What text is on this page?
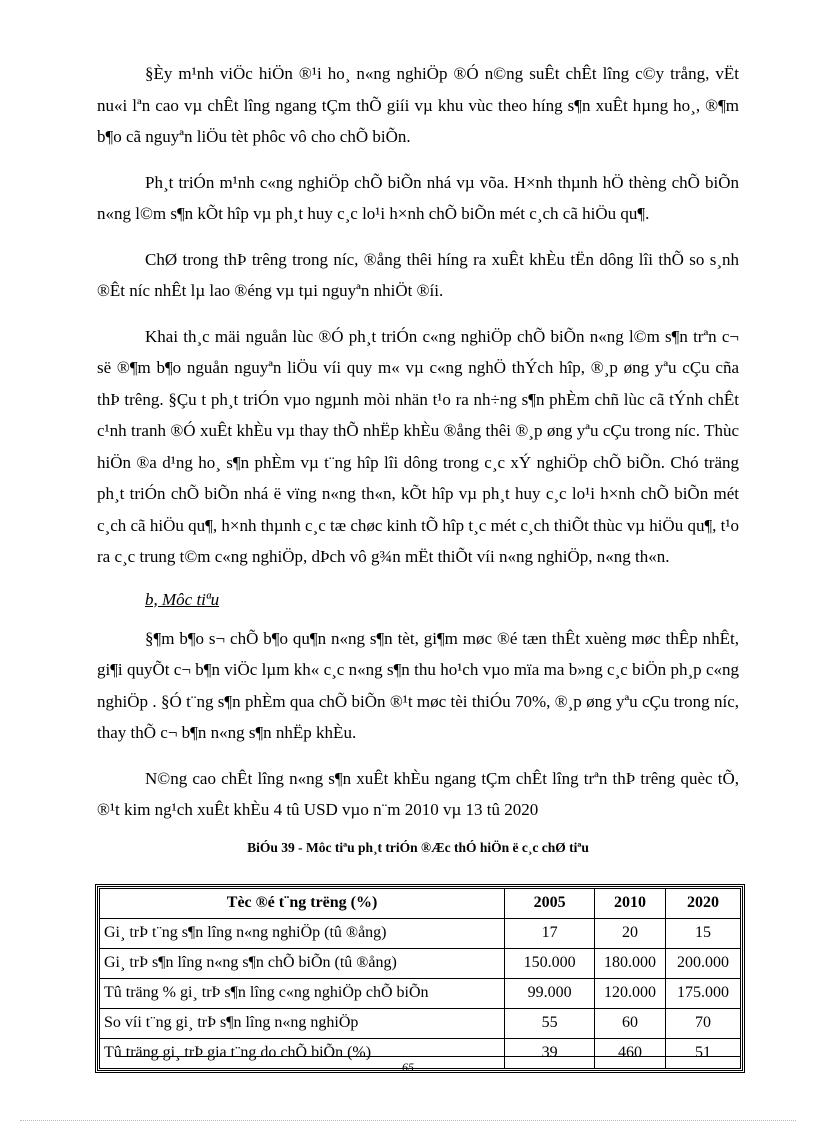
§Èy m¹nh viÖc hiÖn ®¹i ho¸ n«ng nghiÖp ®Ó n©ng suÊt chÊt lîng c©y trång, vËt nu«i lªn cao vµ chÊt lîng ngang tÇm thÕ giíi vµ khu vùc theo híng s¶n xuÊt hµng ho¸, ®¶m b¶o cã nguyªn liÖu tèt phôc vô cho chÕ biÕn.

Ph¸t triÓn m¹nh c«ng nghiÖp chÕ biÕn nhá vµ võa. H×nh thµnh hÖ thèng chÕ biÕn n«ng l©m s¶n kÕt hîp vµ ph¸t huy c¸c lo¹i h×nh chÕ biÕn mét c¸ch cã hiÖu qu¶.

ChØ trong thÞ trêng trong níc, ®ång thêi híng ra xuÊt khÈu tËn dông lîi thÕ so s¸nh ®Êt níc nhÊt lµ lao ®éng vµ tµi nguyªn nhiÖt ®íi.

Khai th¸c mäi nguån lùc ®Ó ph¸t triÓn c«ng nghiÖp chÕ biÕn n«ng l©m s¶n trªn c¬ së ®¶m b¶o nguån nguyªn liÖu víi quy m« vµ c«ng nghÖ thÝch hîp, ®¸p øng yªu cÇu cña thÞ trêng. §Çu t ph¸t triÓn vµo ngµnh mòi nhän t¹o ra nh÷ng s¶n phÈm chñ lùc cã tÝnh chÊt c¹nh tranh ®Ó xuÊt khÈu vµ thay thÕ nhËp khÈu ®ång thêi ®¸p øng yªu cÇu trong níc. Thùc hiÖn ®a d¹ng ho¸ s¶n phÈm vµ t¨ng hîp lîi dông trong c¸c xÝ nghiÖp chÕ biÕn. Chó träng ph¸t triÓn chÕ biÕn nhá ë vïng n«ng th«n, kÕt hîp vµ ph¸t huy c¸c lo¹i h×nh chÕ biÕn mét c¸ch cã hiÖu qu¶, h×nh thµnh c¸c tæ chøc kinh tÕ hîp t¸c mét c¸ch thiÕt thùc vµ hiÖu qu¶, t¹o ra c¸c trung t©m c«ng nghiÖp, dÞch vô g¾n mËt thiÕt víi n«ng nghiÖp, n«ng th«n.

b, Môc tiªu

§¶m b¶o s¬ chÕ b¶o qu¶n n«ng s¶n tèt, gi¶m møc ®é tæn thÊt xuèng møc thÊp nhÊt, gi¶i quyÕt c¬ b¶n viÖc lµm kh« c¸c n«ng s¶n thu ho¹ch vµo mïa ma b»ng c¸c biÖn ph¸p c«ng nghiÖp . §Ó t¨ng s¶n phÈm qua chÕ biÕn ®¹t møc tèi thiÓu 70%, ®¸p øng yªu cÇu trong níc, thay thÕ c¬ b¶n n«ng s¶n nhËp khÈu.

N©ng cao chÊt lîng n«ng s¶n xuÊt khÈu ngang tÇm chÊt lîng trªn thÞ trêng quèc tÕ, ®¹t kim ng¹ch xuÊt khÈu 4 tû USD vµo n¨m 2010 vµ 13 tû 2020

BiÓu 39 - Môc tiªu ph¸t triÓn ®Æc thÓ hiÖn ë c¸c chØ tiªu
Tèc ®é t¨ng trëng (%)	2005	2010	2020
Gi¸ trÞ t¨ng s¶n lîng n«ng nghiÖp (tû ®ång)	17	20	15
Gi¸ trÞ s¶n lîng n«ng s¶n chÕ biÕn (tû ®ång)	150.000	180.000	200.000
Tû träng % gi¸ trÞ s¶n lîng c«ng nghiÖp chÕ biÕn	99.000	120.000	175.000
So víi t¨ng gi¸ trÞ s¶n lîng n«ng nghiÖp	55	60	70
Tû träng gi¸ trÞ gia t¨ng do chÕ biÕn (%)	39	460	51
65
